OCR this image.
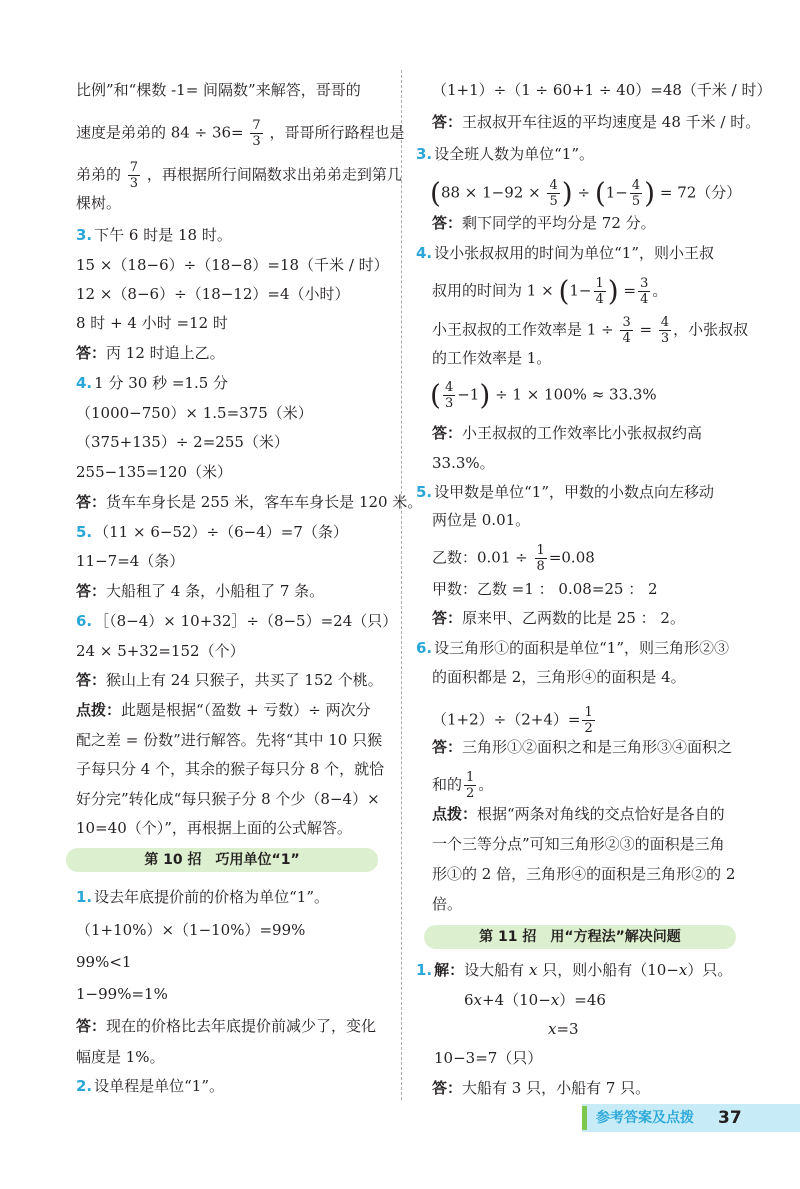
比例”和“棵数 -1= 间隔数”来解答，哥哥的
速度是弟弟的 $84 \div 36= \frac{7}{3}$ ，哥哥所行路程也是
弟弟的 $\frac{7}{3}$ ，再根据所行间隔数求出弟弟走到第几
棵树。
3. 下午 6 时是 18 时。
15 ×（18−6）÷（18−8）=18（千米 / 时）
12 ×（8−6）÷（18−12）=4（小时）
8 时 + 4 小时 =12 时
答：丙 12 时追上乙。
4. 1 分 30 秒 =1.5 分
（1000−750）× 1.5=375（米）
（375+135）÷ 2=255（米）
255−135=120（米）
答：货车车身长是 255 米，客车车身长是 120 米。
5. （11 × 6−52）÷（6−4）=7（条）
11−7=4（条）
答：大船租了 4 条，小船租了 7 条。
6. ［（8−4）× 10+32］÷（8−5）=24（只）
24 × 5+32=152（个）
答：猴山上有 24 只猴子，共买了 152 个桃。
点拨：此题是根据“（盈数 + 亏数）÷ 两次分
配之差 = 份数”进行解答。先将“其中 10 只猴
子每只分 4 个，其余的猴子每只分 8 个，就恰
好分完”转化成“每只猴子分 8 个少（8−4）×
10=40（个）”，再根据上面的公式解答。
第 10 招　巧用单位“1”
1. 设去年底提价前的价格为单位“1”。
（1+10%）×（1−10%）=99%
99%<1
1−99%=1%
答：现在的价格比去年底提价前减少了，变化
幅度是 1%。
2. 设单程是单位“1”。
（1+1）÷（1 ÷ 60+1 ÷ 40）=48（千米 / 时）
答：王叔叔开车往返的平均速度是 48 千米 / 时。
3. 设全班人数为单位“1”。
($88 \times 1-92 \times \frac{4}{5}$ ) ÷ ($1- \frac{4}{5}$ ) = 72（分）
答：剩下同学的平均分是 72 分。
4. 设小张叔叔用的时间为单位“1”，则小王叔
叔用的时间为 $1 \times (1- \frac{1}{4}$ ) = $\frac{3}{4}$ 。
小王叔叔的工作效率是 $1 \div \frac{3}{4} = \frac{4}{3}$ ，小张叔叔
的工作效率是 1。
( $\frac{4}{3} -1) \div 1 \times 100\% \approx 33.3\%$
答：小王叔叔的工作效率比小张叔叔约高
33.3%。
5. 设甲数是单位“1”，甲数的小数点向左移动
两位是 0.01。
乙数：$0.01 \div \frac{1}{8} =0.08$
甲数：乙数 =1 ： 0.08=25 ： 2
答：原来甲、乙两数的比是 25 ： 2。
6. 设三角形①的面积是单位“1”，则三角形②③
的面积都是 2，三角形④的面积是 4。
$(1+2)\div(2+4)= \frac{1}{2}$
答：三角形①②面积之和是三角形③④面积之
和的 $\frac{1}{2}$ 。
点拨：根据“两条对角线的交点恰好是各自的
一个三等分点”可知三角形②③的面积是三角
形①的 2 倍，三角形④的面积是三角形②的 2
倍。
第 11 招　用“方程法”解决问题
1. 解：设大船有 x 只，则小船有（10−x）只。
6x+4（10−x）=46
x=3
10−3=7（只）
答：大船有 3 只，小船有 7 只。
参考答案及点拨 37
